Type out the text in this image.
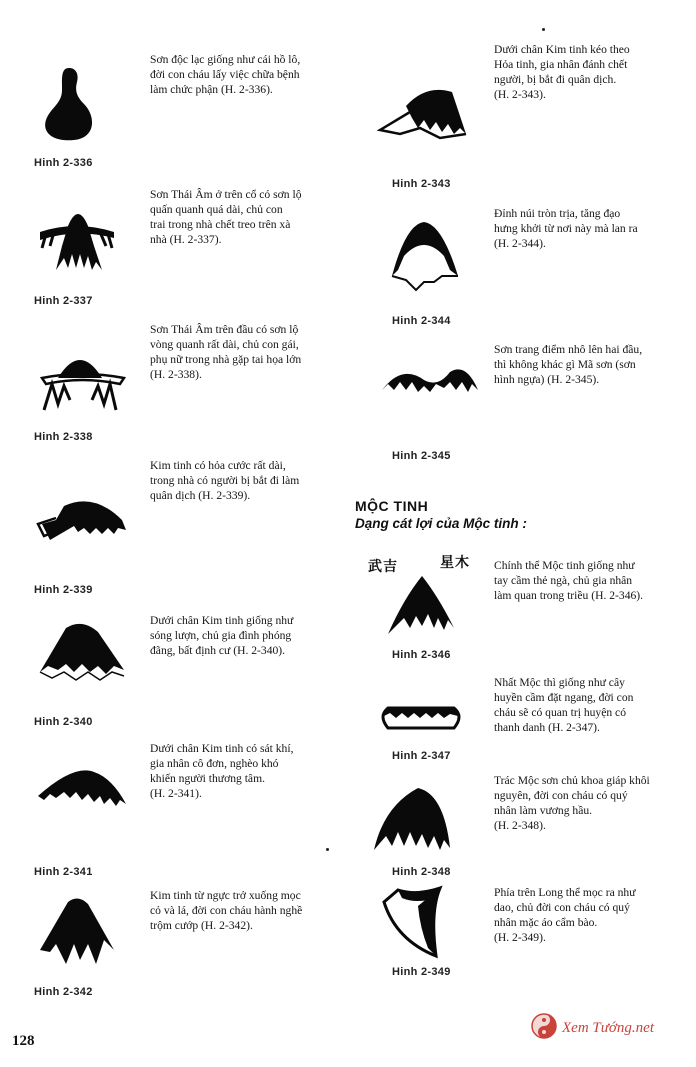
Hinh 2-336
Sơn độc lạc giống như cái hồ lô,
đời con cháu lấy việc chữa bệnh
làm chức phận (H. 2-336).
Hinh 2-337
Sơn Thái Âm ở trên cổ có sơn lộ
quấn quanh quá dài, chủ con
trai trong nhà chết treo trên xà
nhà (H. 2-337).
Hinh 2-338
Sơn Thái Âm trên đầu có sơn lộ
vòng quanh rất dài, chủ con gái,
phụ nữ trong nhà gặp tai họa lớn
(H. 2-338).
Hinh 2-339
Kim tinh có hỏa cước rất dài,
trong nhà có người bị bắt đi làm
quân dịch (H. 2-339).
Hinh 2-340
Dưới chân Kim tinh giống như
sóng lượn, chủ gia đình phóng
đãng, bất định cư (H. 2-340).
Hinh 2-341
Dưới chân Kim tinh có sát khí,
gia nhân cô đơn, nghèo khó
khiến người thương tâm.
(H. 2-341).
Hinh 2-342
Kim tinh từ ngực trở xuống mọc
cỏ và lá, đời con cháu hành nghề
trộm cướp (H. 2-342).
Hinh 2-343
Dưới chân Kim tinh kéo theo
Hỏa tinh, gia nhân đánh chết
người, bị bắt đi quân dịch.
(H. 2-343).
Hinh 2-344
Đỉnh núi tròn trịa, tăng đạo
hưng khởi từ nơi này mà lan ra
(H. 2-344).
Hinh 2-345
Sơn trang điểm nhô lên hai đầu,
thì không khác gì Mã sơn (sơn
hình ngựa) (H. 2-345).
MỘC TINH
Dạng cát lợi của Mộc tinh :
武吉	星木
Hinh 2-346
Chính thể Mộc tinh giống như
tay cầm thẻ ngà, chủ gia nhân
làm quan trong triều (H. 2-346).
Hinh 2-347
Nhất Mộc thì giống như cây
huyền cầm đặt ngang, đời con
cháu sẽ có quan trị huyện có
thanh danh (H. 2-347).
Hinh 2-348
Trác Mộc sơn chủ khoa giáp khôi
nguyên, đời con cháu có quý
nhân làm vương hầu.
(H. 2-348).
Hinh 2-349
Phía trên Long thể mọc ra như
dao, chủ đời con cháu có quý
nhân mặc áo cẩm bào.
(H. 2-349).
128
Xem Tướng.net
